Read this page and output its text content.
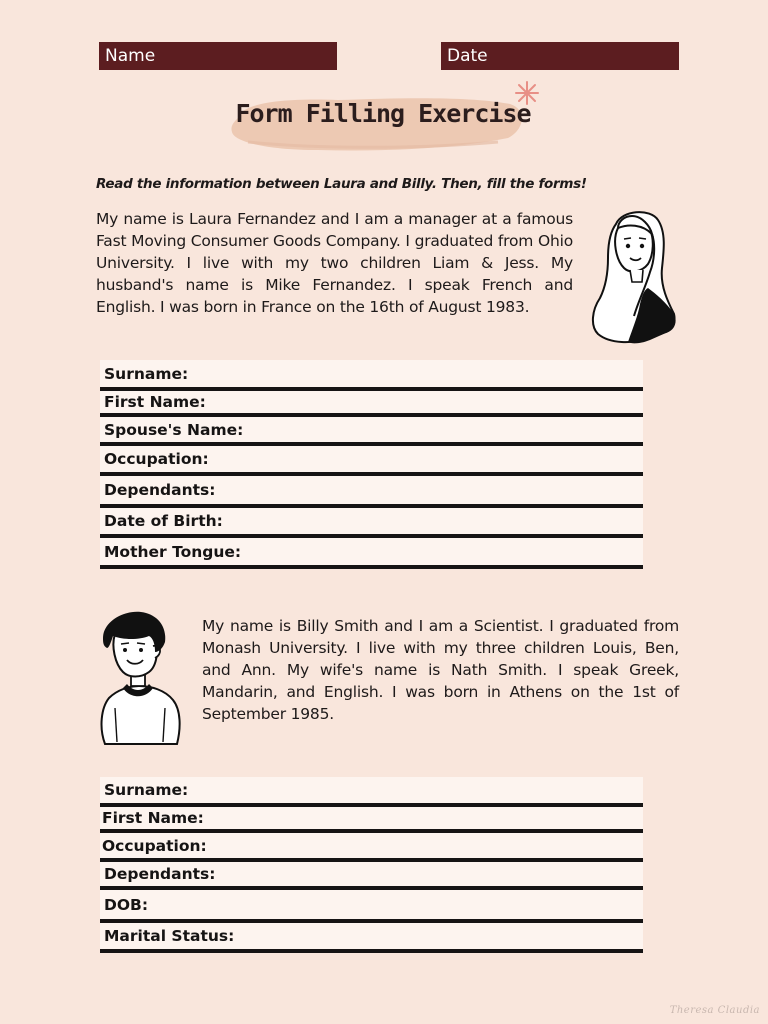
Name	Date
Form Filling Exercise
Read the information between Laura and Billy. Then, fill the forms!
My name is Laura Fernandez and I am a manager at a famous Fast Moving Consumer Goods Company. I graduated from Ohio University. I live with my two children Liam & Jess. My husband's name is Mike Fernandez. I speak French and English. I was born in France on the 16th of August 1983.
Surname:
First Name:
Spouse's Name:
Occupation:
Dependants:
Date of Birth:
Mother Tongue:
My name is Billy Smith and I am a Scientist. I graduated from Monash University. I live with my three children Louis, Ben, and Ann. My wife's name is Nath Smith. I speak Greek, Mandarin, and English. I was born in Athens on the 1st of September 1985.
Surname:
First Name:
Occupation:
Dependants:
DOB:
Marital Status:
Theresa Claudia
